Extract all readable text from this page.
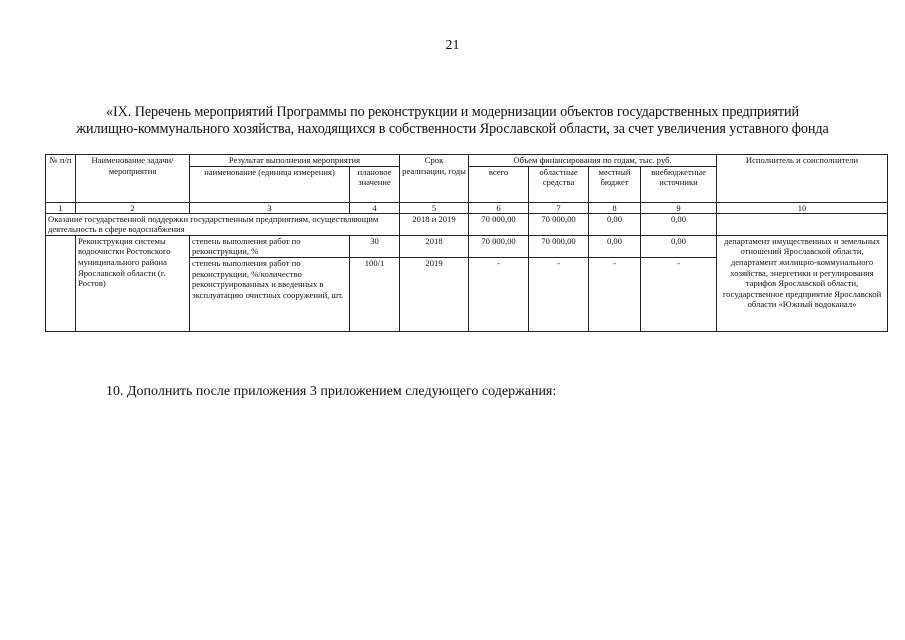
21
«IX. Перечень мероприятий Программы по реконструкции и модернизации объектов государственных предприятий
жилищно-коммунального хозяйства, находящихся в собственности Ярославской области, за счет увеличения уставного фонда
№ п/п	Наименование задачи/мероприятия	Результат выполнения мероприятия		Срок реализации, годы	Объем финансирования по годам, тыс. руб.				Исполнитель и соисполнители
		наименование (единица измерения)	плановое значение		всего	областные средства	местный бюджет	внебюджетные источники	
1	2	3	4	5	6	7	8	9	10
Оказание государственной поддержки государственным предприятиям, осуществляющим деятельность в сфере водоснабжения				2018 и 2019	70 000,00	70 000,00	0,00	0,00	
	Реконструкция системы водоочистки Ростовского муниципального района Ярославской области (г. Ростов)	степень выполнения работ по реконструкции, %	30	2018	70 000,00	70 000,00	0,00	0,00	департамент имущественных и земельных отношений Ярославской области, департамент жилищно-коммунального хозяйства, энергетики и регулирования тарифов Ярославской области, государственное предприятие Ярославской области «Южный водоканал»
		степень выполнения работ по реконструкции, %/количество реконструированных и введенных в эксплуатацию очистных сооружений, шт.	100/1	2019	-	-	-	-	
10. Дополнить после приложения 3 приложением следующего содержания:
